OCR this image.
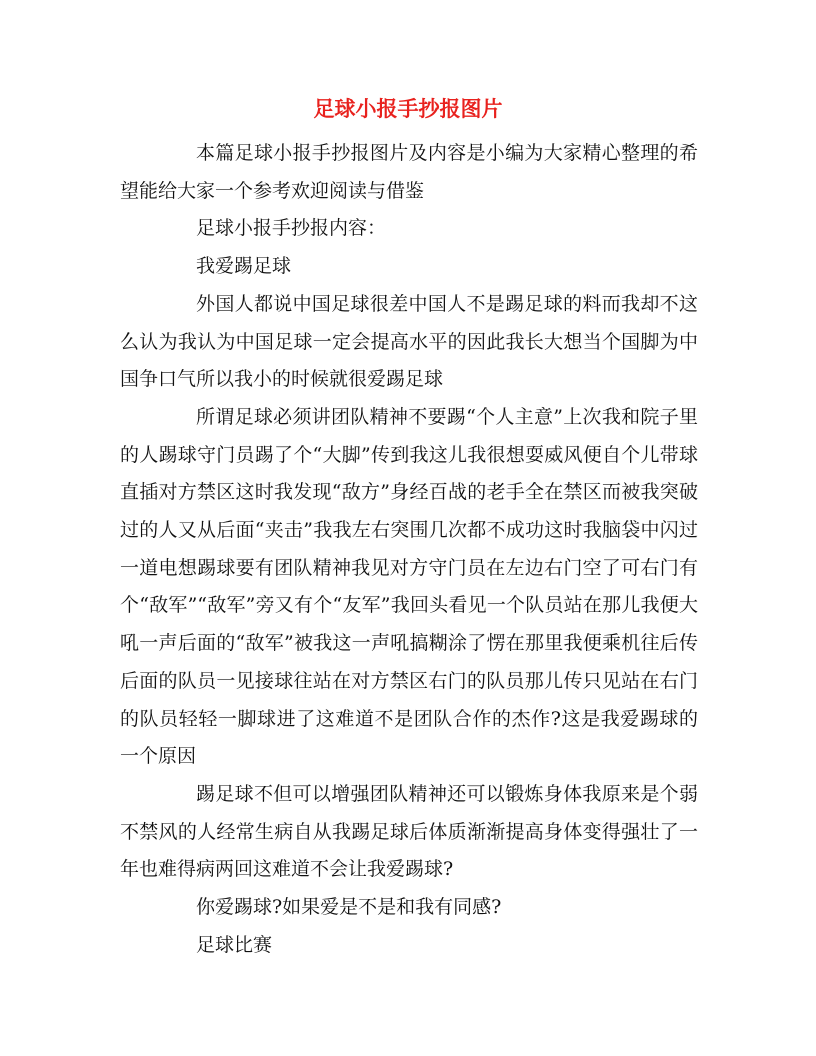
足球小报手抄报图片

本篇足球小报手抄报图片及内容是小编为大家精心整理的希望能给大家一个参考欢迎阅读与借鉴

足球小报手抄报内容：

我爱踢足球

外国人都说中国足球很差中国人不是踢足球的料而我却不这么认为我认为中国足球一定会提高水平的因此我长大想当个国脚为中国争口气所以我小的时候就很爱踢足球

所谓足球必须讲团队精神不要踢“个人主意”上次我和院子里的人踢球守门员踢了个“大脚”传到我这儿我很想耍威风便自个儿带球直插对方禁区这时我发现“敌方”身经百战的老手全在禁区而被我突破过的人又从后面“夹击”我我左右突围几次都不成功这时我脑袋中闪过一道电想踢球要有团队精神我见对方守门员在左边右门空了可右门有个“敌军”“敌军”旁又有个“友军”我回头看见一个队员站在那儿我便大吼一声后面的“敌军”被我这一声吼搞糊涂了愣在那里我便乘机往后传后面的队员一见接球往站在对方禁区右门的队员那儿传只见站在右门的队员轻轻一脚球进了这难道不是团队合作的杰作?这是我爱踢球的一个原因

踢足球不但可以增强团队精神还可以锻炼身体我原来是个弱不禁风的人经常生病自从我踢足球后体质渐渐提高身体变得强壮了一年也难得病两回这难道不会让我爱踢球?

你爱踢球?如果爱是不是和我有同感?

足球比赛
